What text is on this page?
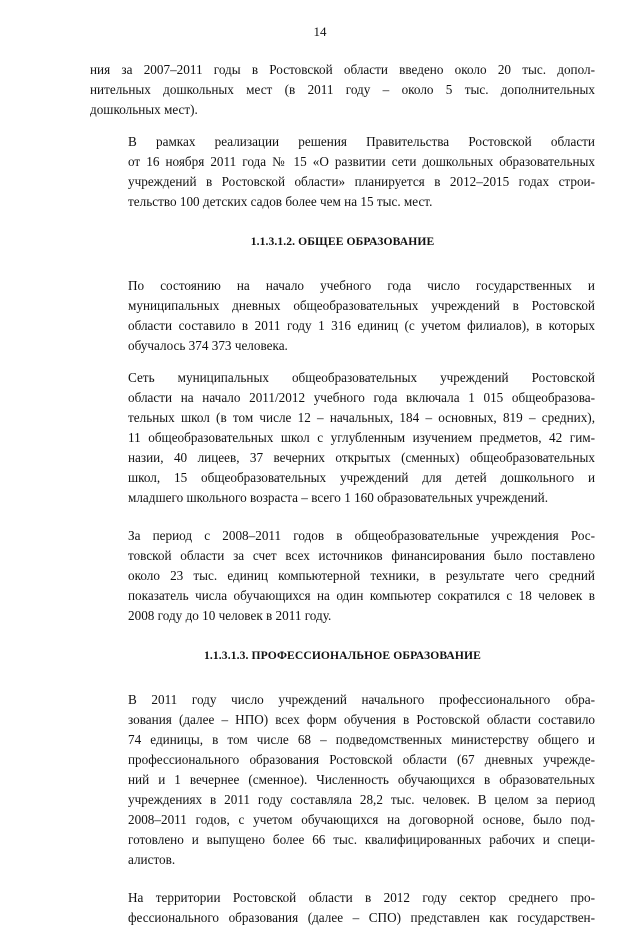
14

ния за 2007–2011 годы в Ростовской области введено около 20 тыс. допол-
нительных дошкольных мест (в 2011 году – около 5 тыс. дополнительных
дошкольных мест).

В рамках реализации решения Правительства Ростовской области
от 16 ноября 2011 года № 15 «О развитии сети дошкольных образовательных
учреждений в Ростовской области» планируется в 2012–2015 годах строи-
тельство 100 детских садов более чем на 15 тыс. мест.

1.1.3.1.2. ОБЩЕЕ ОБРАЗОВАНИЕ

По состоянию на начало учебного года число государственных и
муниципальных дневных общеобразовательных учреждений в Ростовской
области составило в 2011 году 1 316 единиц (с учетом филиалов), в которых
обучалось 374 373 человека.

Сеть муниципальных общеобразовательных учреждений Ростовской
области на начало 2011/2012 учебного года включала 1 015 общеобразова-
тельных школ (в том числе 12 – начальных, 184 – основных, 819 – средних),
11 общеобразовательных школ с углубленным изучением предметов, 42 гим-
назии, 40 лицеев, 37 вечерних открытых (сменных) общеобразовательных
школ, 15 общеобразовательных учреждений для детей дошкольного и
младшего школьного возраста – всего 1 160 образовательных учреждений.

За период с 2008–2011 годов в общеобразовательные учреждения Рос-
товской области за счет всех источников финансирования было поставлено
около 23 тыс. единиц компьютерной техники, в результате чего средний
показатель числа обучающихся на один компьютер сократился с 18 человек в
2008 году до 10 человек в 2011 году.

1.1.3.1.3. ПРОФЕССИОНАЛЬНОЕ ОБРАЗОВАНИЕ

В 2011 году число учреждений начального профессионального обра-
зования (далее – НПО) всех форм обучения в Ростовской области составило
74 единицы, в том числе 68 – подведомственных министерству общего и
профессионального образования Ростовской области (67 дневных учрежде-
ний и 1 вечернее (сменное). Численность обучающихся в образовательных
учреждениях в 2011 году составляла 28,2 тыс. человек. В целом за период
2008–2011 годов, с учетом обучающихся на договорной основе, было под-
готовлено и выпущено более 66 тыс. квалифицированных рабочих и специ-
алистов.

На территории Ростовской области в 2012 году сектор среднего про-
фессионального образования (далее – СПО) представлен как государствен-
